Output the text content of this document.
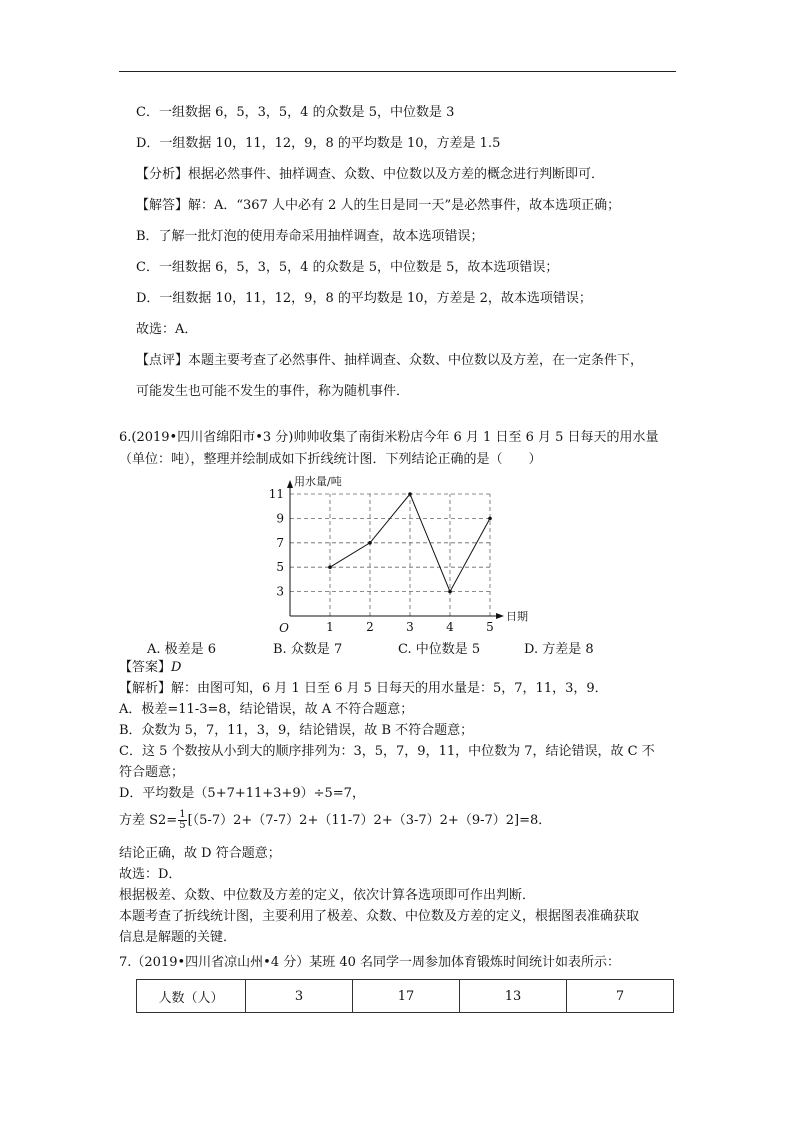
C．一组数据 6，5，3，5，4 的众数是 5，中位数是 3
D．一组数据 10，11，12，9，8 的平均数是 10，方差是 1.5
【分析】根据必然事件、抽样调查、众数、中位数以及方差的概念进行判断即可．
【解答】解：A．“367 人中必有 2 人的生日是同一天”是必然事件，故本选项正确；
B．了解一批灯泡的使用寿命采用抽样调查，故本选项错误；
C．一组数据 6，5，3，5，4 的众数是 5，中位数是 5，故本选项错误；
D．一组数据 10，11，12，9，8 的平均数是 10，方差是 2，故本选项错误；
故选：A．
【点评】本题主要考查了必然事件、抽样调查、众数、中位数以及方差，在一定条件下，
可能发生也可能不发生的事件，称为随机事件．
6.(2019•四川省绵阳市•3 分)帅帅收集了南街米粉店今年 6 月 1 日至 6 月 5 日每天的用水量
（单位：吨），整理并绘制成如下折线统计图．下列结论正确的是（　　）
3
5
7
9
11
1	2	3	4	5
O
用水量/吨
日期
A. 极差是 6	B. 众数是 7	C. 中位数是 5	D. 方差是 8
【答案】D
【解析】解：由图可知，6 月 1 日至 6 月 5 日每天的用水量是：5，7，11，3，9．
A．极差=11-3=8，结论错误，故 A 不符合题意；
B．众数为 5，7，11，3，9，结论错误，故 B 不符合题意；
C．这 5 个数按从小到大的顺序排列为：3，5，7，9，11，中位数为 7，结论错误，故 C 不
符合题意；
D．平均数是（5+7+11+3+9）÷5=7，
方差 $S2= \frac{1}{5} [(5-7)2+(7-7)2+(11-7)2+(3-7)2+(9-7)2]=8$．
结论正确，故 D 符合题意；
故选：D．
根据极差、众数、中位数及方差的定义，依次计算各选项即可作出判断．
本题考查了折线统计图，主要利用了极差、众数、中位数及方差的定义，根据图表准确获取
信息是解题的关键．
7.（2019•四川省凉山州•4 分）某班 40 名同学一周参加体育锻炼时间统计如表所示：
人数（人）	3	17	13	7
